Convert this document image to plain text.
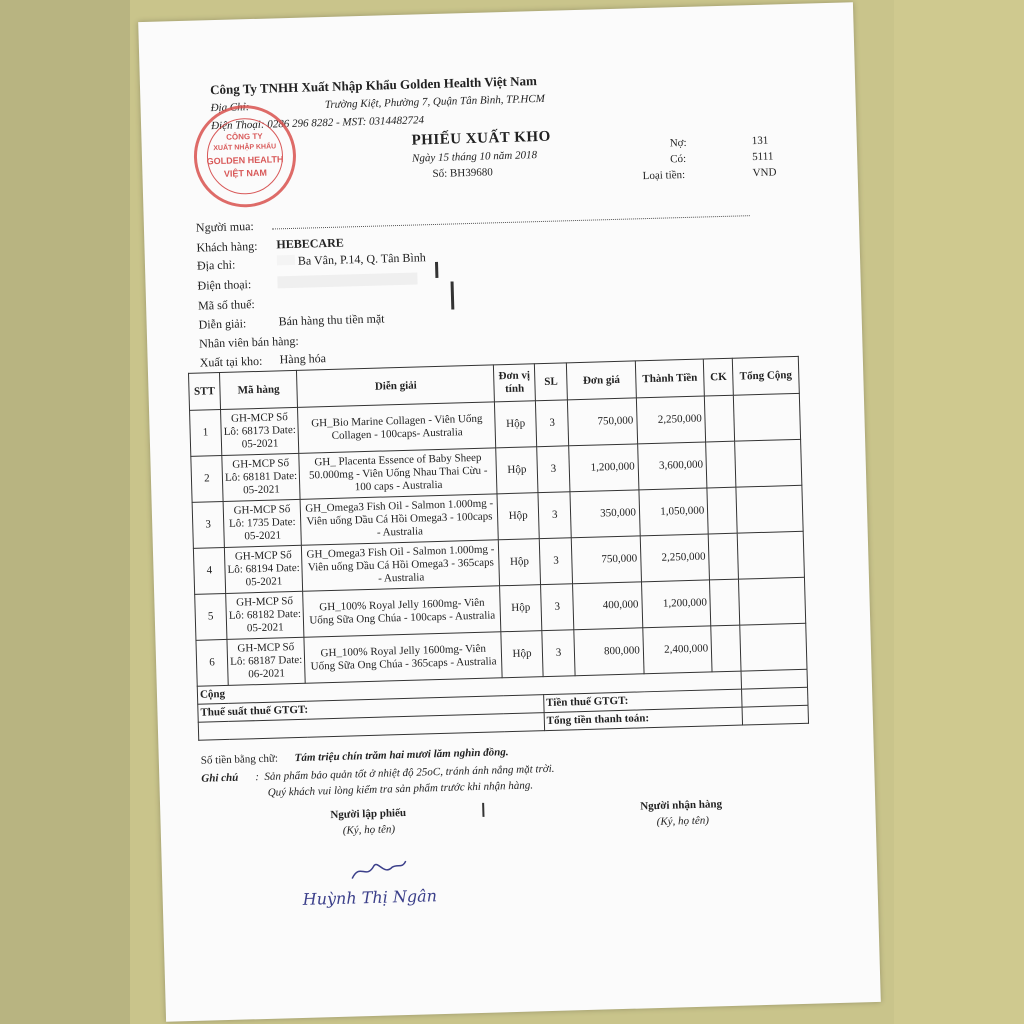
Công Ty TNHH Xuất Nhập Khẩu Golden Health Việt Nam
Địa Chỉ:	Trường Kiệt, Phường 7, Quận Tân Bình, TP.HCM
Điện Thoại: 0286 296 8282 - MST: 0314482724
CÔNG TY
XUẤT NHẬP KHẨU
GOLDEN HEALTH
VIỆT NAM
PHIẾU XUẤT KHO
Ngày 15 tháng 10 năm 2018
Số: BH39680
Nợ:	131
Có:	5111
Loại tiền:	VND
Người mua:
Khách hàng: HEBECARE
Địa chỉ:	Ba Vân, P.14, Q. Tân Bình
Điện thoại:
Mã số thuế:
Diễn giải:	Bán hàng thu tiền mặt
Nhân viên bán hàng:
Xuất tại kho: Hàng hóa
STT	Mã hàng	Diễn giải	Đơn vị tính	SL	Đơn giá	Thành Tiền	CK	Tổng Cộng
1	GH-MCP Số Lô: 68173 Date: 05-2021	GH_Bio Marine Collagen - Viên Uống Collagen - 100caps- Australia	Hộp	3	750,000	2,250,000		
2	GH-MCP Số Lô: 68181 Date: 05-2021	GH_ Placenta Essence of Baby Sheep 50.000mg - Viên Uống Nhau Thai Cừu - 100 caps - Australia	Hộp	3	1,200,000	3,600,000		
3	GH-MCP Số Lô: 1735 Date: 05-2021	GH_Omega3 Fish Oil - Salmon 1.000mg - Viên uống Dầu Cá Hồi Omega3 - 100caps - Australia	Hộp	3	350,000	1,050,000		
4	GH-MCP Số Lô: 68194 Date: 05-2021	GH_Omega3 Fish Oil - Salmon 1.000mg - Viên uống Dầu Cá Hồi Omega3 - 365caps - Australia	Hộp	3	750,000	2,250,000		
5	GH-MCP Số Lô: 68182 Date: 05-2021	GH_100% Royal Jelly 1600mg- Viên Uống Sữa Ong Chúa - 100caps - Australia	Hộp	3	400,000	1,200,000		
6	GH-MCP Số Lô: 68187 Date: 06-2021	GH_100% Royal Jelly 1600mg- Viên Uống Sữa Ong Chúa - 365caps - Australia	Hộp	3	800,000	2,400,000		
Cộng								
Thuế suất thuế GTGT:				Tiền thuế GTGT:				
				Tổng tiền thanh toán:				
Số tiền bằng chữ: Tám triệu chín trăm hai mươi lăm nghìn đồng.
Ghi chú :  Sản phẩm bảo quản tốt ở nhiệt độ 25oC, tránh ánh nắng mặt trời.
Quý khách vui lòng kiểm tra sản phẩm trước khi nhận hàng.
Người lập phiếu
(Ký, họ tên)
Người nhận hàng
(Ký, họ tên)
Huỳnh Thị Ngân
